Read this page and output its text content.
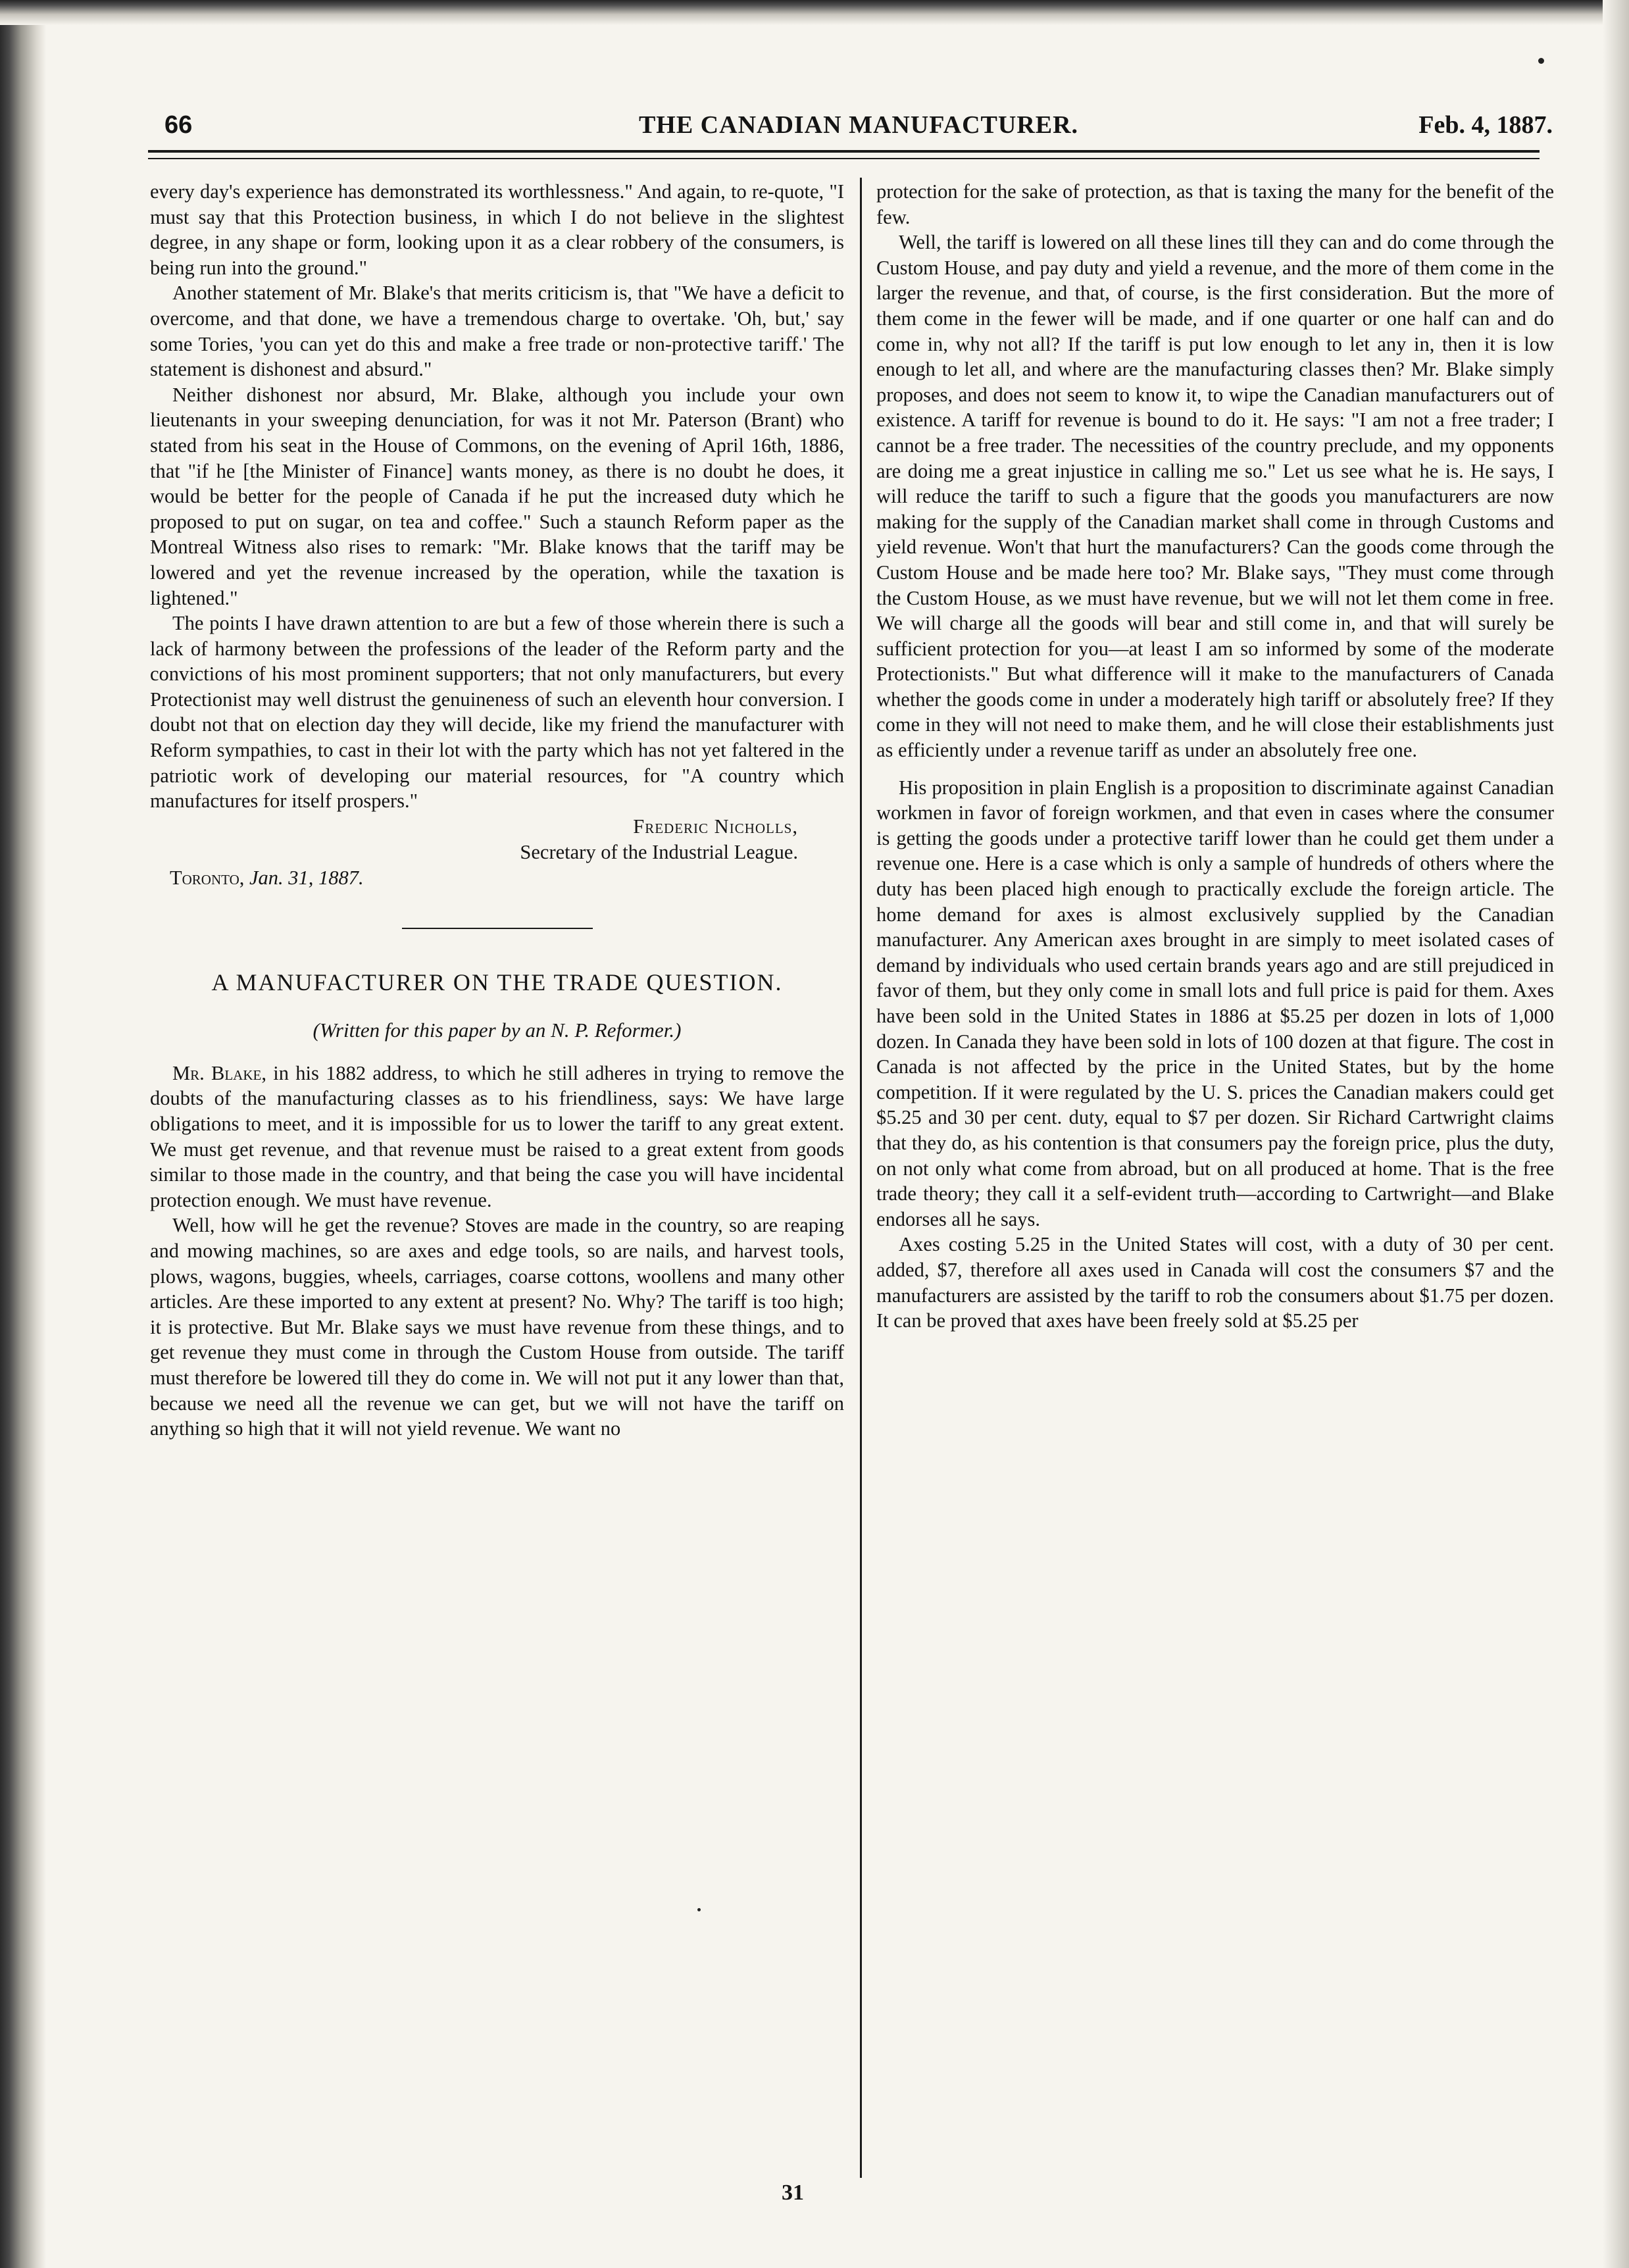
66	THE CANADIAN MANUFACTURER.	Feb. 4, 1887.

every day's experience has demonstrated its worthlessness." And again, to re-quote, "I must say that this Protection business, in which I do not believe in the slightest degree, in any shape or form, looking upon it as a clear robbery of the consumers, is being run into the ground."

Another statement of Mr. Blake's that merits criticism is, that "We have a deficit to overcome, and that done, we have a tremendous charge to overtake. 'Oh, but,' say some Tories, 'you can yet do this and make a free trade or non-protective tariff.' The statement is dishonest and absurd."

Neither dishonest nor absurd, Mr. Blake, although you include your own lieutenants in your sweeping denunciation, for was it not Mr. Paterson (Brant) who stated from his seat in the House of Commons, on the evening of April 16th, 1886, that "if he [the Minister of Finance] wants money, as there is no doubt he does, it would be better for the people of Canada if he put the increased duty which he proposed to put on sugar, on tea and coffee." Such a staunch Reform paper as the Montreal Witness also rises to remark: "Mr. Blake knows that the tariff may be lowered and yet the revenue increased by the operation, while the taxation is lightened."

The points I have drawn attention to are but a few of those wherein there is such a lack of harmony between the professions of the leader of the Reform party and the convictions of his most prominent supporters; that not only manufacturers, but every Protectionist may well distrust the genuineness of such an eleventh hour conversion. I doubt not that on election day they will decide, like my friend the manufacturer with Reform sympathies, to cast in their lot with the party which has not yet faltered in the patriotic work of developing our material resources, for "A country which manufactures for itself prospers."

Frederic Nicholls,
Secretary of the Industrial League.
Toronto, Jan. 31, 1887.
A MANUFACTURER ON THE TRADE QUESTION.
(Written for this paper by an N. P. Reformer.)

Mr. Blake, in his 1882 address, to which he still adheres in trying to remove the doubts of the manufacturing classes as to his friendliness, says: We have large obligations to meet, and it is impossible for us to lower the tariff to any great extent. We must get revenue, and that revenue must be raised to a great extent from goods similar to those made in the country, and that being the case you will have incidental protection enough. We must have revenue.

Well, how will he get the revenue? Stoves are made in the country, so are reaping and mowing machines, so are axes and edge tools, so are nails, and harvest tools, plows, wagons, buggies, wheels, carriages, coarse cottons, woollens and many other articles. Are these imported to any extent at present? No. Why? The tariff is too high; it is protective. But Mr. Blake says we must have revenue from these things, and to get revenue they must come in through the Custom House from outside. The tariff must therefore be lowered till they do come in. We will not put it any lower than that, because we need all the revenue we can get, but we will not have the tariff on anything so high that it will not yield revenue. We want no

protection for the sake of protection, as that is taxing the many for the benefit of the few.

Well, the tariff is lowered on all these lines till they can and do come through the Custom House, and pay duty and yield a revenue, and the more of them come in the larger the revenue, and that, of course, is the first consideration. But the more of them come in the fewer will be made, and if one quarter or one half can and do come in, why not all? If the tariff is put low enough to let any in, then it is low enough to let all, and where are the manufacturing classes then? Mr. Blake simply proposes, and does not seem to know it, to wipe the Canadian manufacturers out of existence. A tariff for revenue is bound to do it. He says: "I am not a free trader; I cannot be a free trader. The necessities of the country preclude, and my opponents are doing me a great injustice in calling me so." Let us see what he is. He says, I will reduce the tariff to such a figure that the goods you manufacturers are now making for the supply of the Canadian market shall come in through Customs and yield revenue. Won't that hurt the manufacturers? Can the goods come through the Custom House and be made here too? Mr. Blake says, "They must come through the Custom House, as we must have revenue, but we will not let them come in free. We will charge all the goods will bear and still come in, and that will surely be sufficient protection for you—at least I am so informed by some of the moderate Protectionists." But what difference will it make to the manufacturers of Canada whether the goods come in under a moderately high tariff or absolutely free? If they come in they will not need to make them, and he will close their establishments just as efficiently under a revenue tariff as under an absolutely free one.

His proposition in plain English is a proposition to discriminate against Canadian workmen in favor of foreign workmen, and that even in cases where the consumer is getting the goods under a protective tariff lower than he could get them under a revenue one. Here is a case which is only a sample of hundreds of others where the duty has been placed high enough to practically exclude the foreign article. The home demand for axes is almost exclusively supplied by the Canadian manufacturer. Any American axes brought in are simply to meet isolated cases of demand by individuals who used certain brands years ago and are still prejudiced in favor of them, but they only come in small lots and full price is paid for them. Axes have been sold in the United States in 1886 at $5.25 per dozen in lots of 1,000 dozen. In Canada they have been sold in lots of 100 dozen at that figure. The cost in Canada is not affected by the price in the United States, but by the home competition. If it were regulated by the U. S. prices the Canadian makers could get $5.25 and 30 per cent. duty, equal to $7 per dozen. Sir Richard Cartwright claims that they do, as his contention is that consumers pay the foreign price, plus the duty, on not only what come from abroad, but on all produced at home. That is the free trade theory; they call it a self-evident truth—according to Cartwright—and Blake endorses all he says.

Axes costing 5.25 in the United States will cost, with a duty of 30 per cent. added, $7, therefore all axes used in Canada will cost the consumers $7 and the manufacturers are assisted by the tariff to rob the consumers about $1.75 per dozen. It can be proved that axes have been freely sold at $5.25 per

31
